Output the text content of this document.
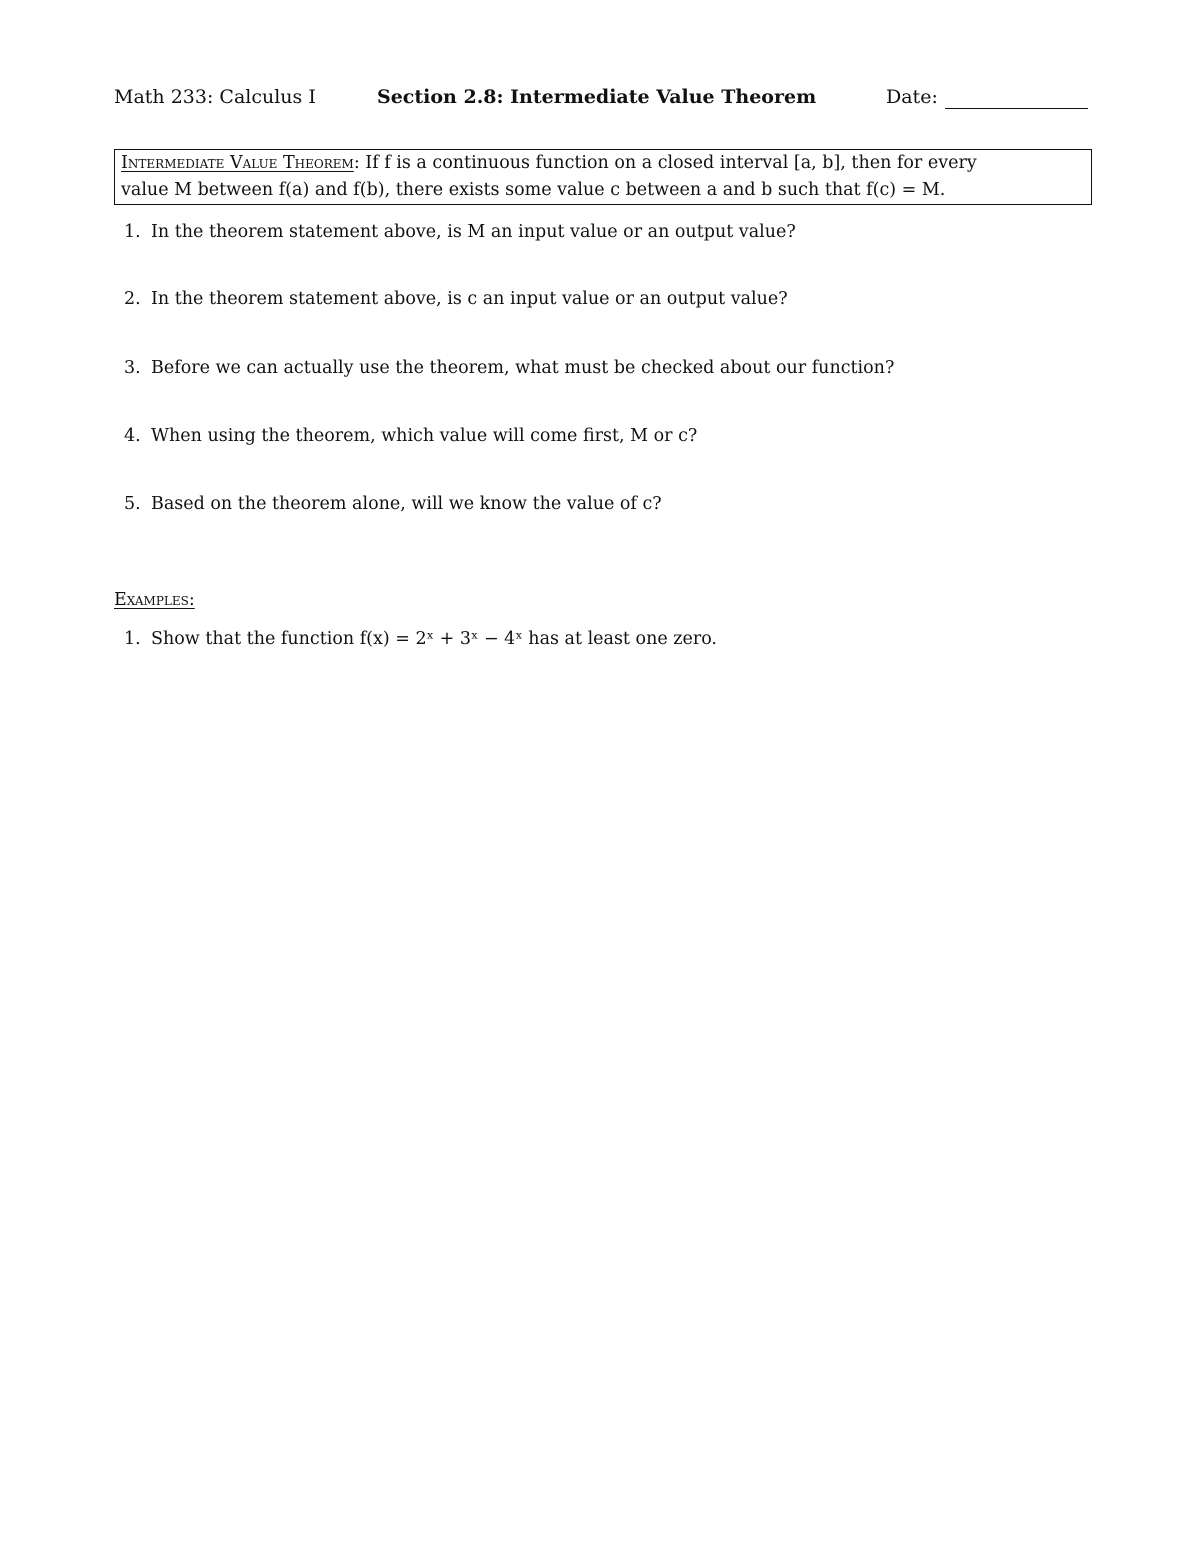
Math 233: Calculus I	Section 2.8: Intermediate Value Theorem	Date:
Intermediate Value Theorem: If f is a continuous function on a closed interval [a, b], then for every
value M between f(a) and f(b), there exists some value c between a and b such that f(c) = M.
1. In the theorem statement above, is M an input value or an output value?
2. In the theorem statement above, is c an input value or an output value?
3. Before we can actually use the theorem, what must be checked about our function?
4. When using the theorem, which value will come first, M or c?
5. Based on the theorem alone, will we know the value of c?
Examples:
1. Show that the function f(x) = 2ˣ + 3ˣ − 4ˣ has at least one zero.
